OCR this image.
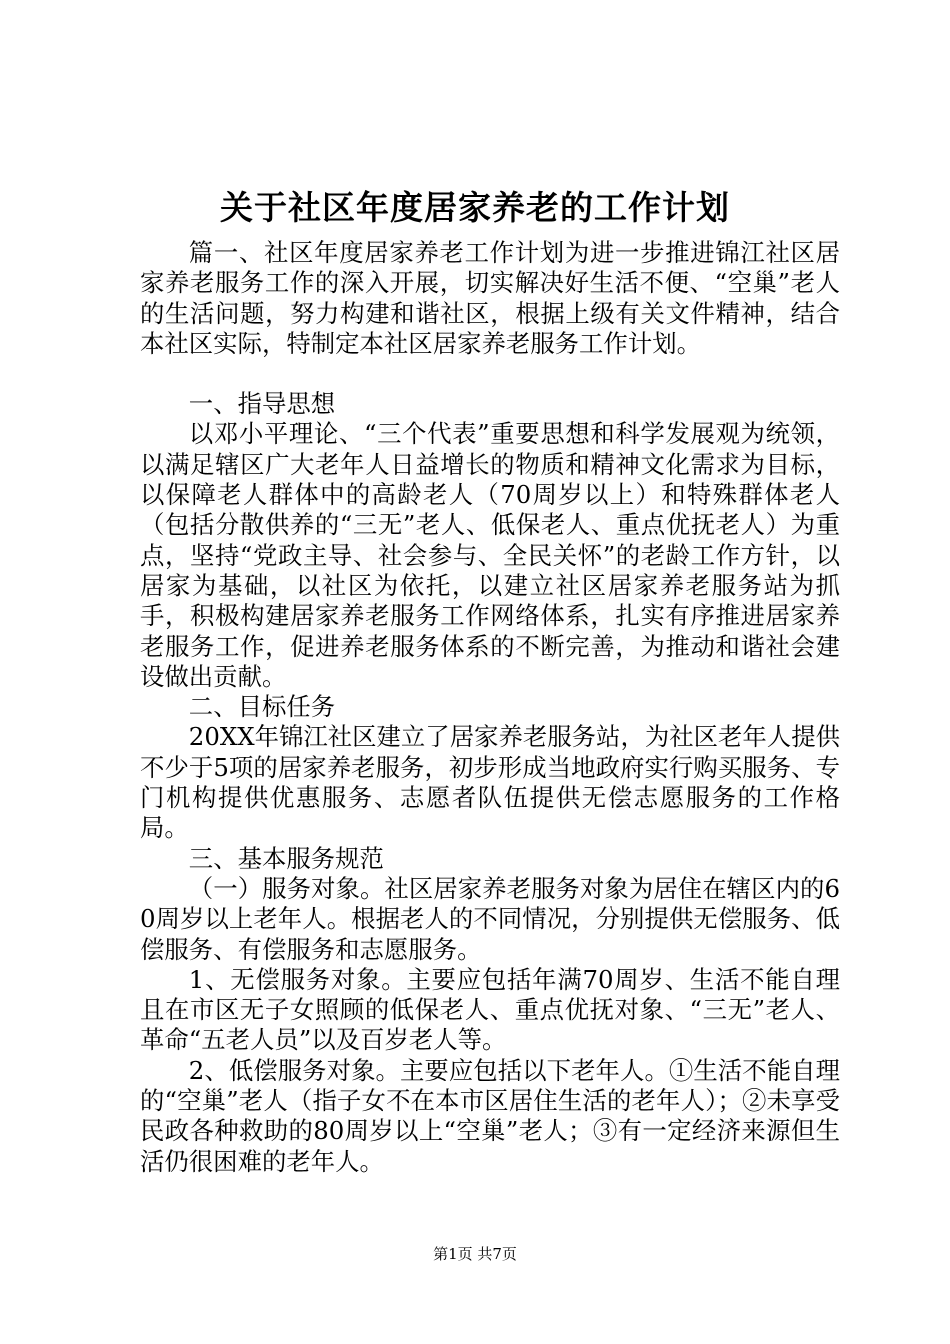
关于社区年度居家养老的工作计划

篇一、社区年度居家养老工作计划为进一步推进锦江社区居家养老服务工作的深入开展，切实解决好生活不便、“空巢”老人的生活问题，努力构建和谐社区，根据上级有关文件精神，结合本社区实际，特制定本社区居家养老服务工作计划。

一、指导思想

以邓小平理论、“三个代表”重要思想和科学发展观为统领，以满足辖区广大老年人日益增长的物质和精神文化需求为目标，以保障老人群体中的高龄老人（70周岁以上）和特殊群体老人（包括分散供养的“三无”老人、低保老人、重点优抚老人）为重点，坚持“党政主导、社会参与、全民关怀”的老龄工作方针，以居家为基础，以社区为依托，以建立社区居家养老服务站为抓手，积极构建居家养老服务工作网络体系，扎实有序推进居家养老服务工作，促进养老服务体系的不断完善，为推动和谐社会建设做出贡献。

二、目标任务

20XX年锦江社区建立了居家养老服务站，为社区老年人提供不少于5项的居家养老服务，初步形成当地政府实行购买服务、专门机构提供优惠服务、志愿者队伍提供无偿志愿服务的工作格局。

三、基本服务规范

（一）服务对象。社区居家养老服务对象为居住在辖区内的60周岁以上老年人。根据老人的不同情况，分别提供无偿服务、低偿服务、有偿服务和志愿服务。

1、无偿服务对象。主要应包括年满70周岁、生活不能自理且在市区无子女照顾的低保老人、重点优抚对象、“三无”老人、革命“五老人员”以及百岁老人等。

2、低偿服务对象。主要应包括以下老年人。①生活不能自理的“空巢”老人（指子女不在本市区居住生活的老年人）；②未享受民政各种救助的80周岁以上“空巢”老人；③有一定经济来源但生活仍很困难的老年人。

第1页 共7页
